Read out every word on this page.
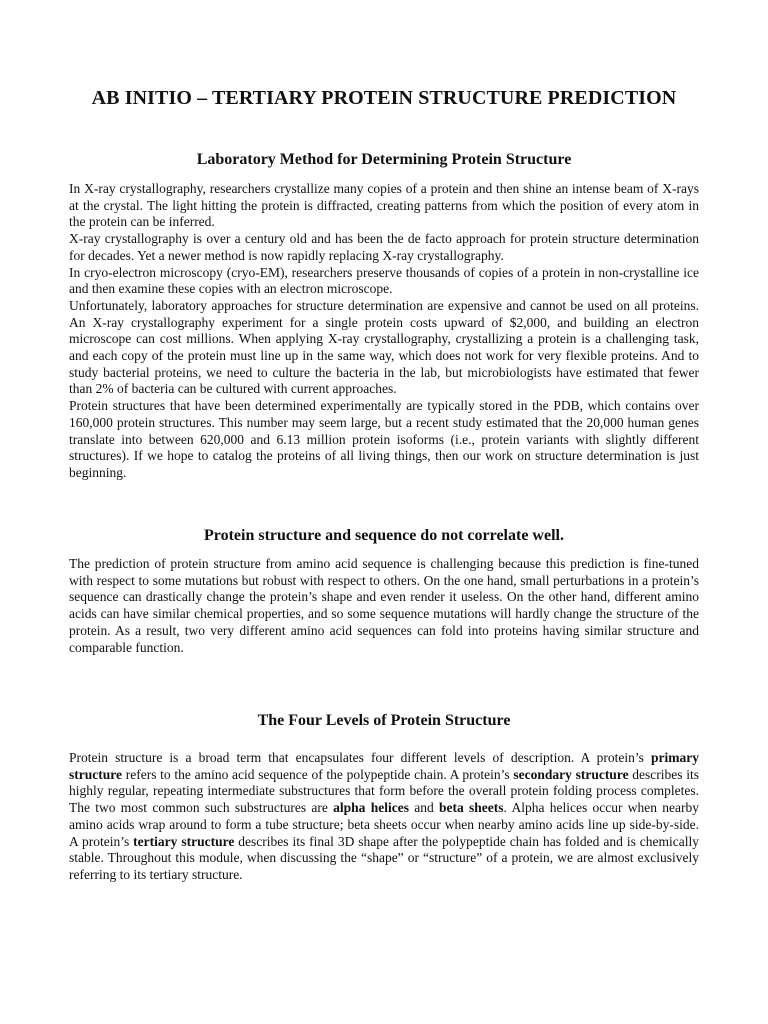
AB INITIO – TERTIARY PROTEIN STRUCTURE PREDICTION
Laboratory Method for Determining Protein Structure

In X-ray crystallography, researchers crystallize many copies of a protein and then shine an intense beam of X-rays at the crystal. The light hitting the protein is diffracted, creating patterns from which the position of every atom in the protein can be inferred.

X-ray crystallography is over a century old and has been the de facto approach for protein structure determination for decades. Yet a newer method is now rapidly replacing X-ray crystallography.

In cryo-electron microscopy (cryo-EM), researchers preserve thousands of copies of a protein in non-crystalline ice and then examine these copies with an electron microscope.

Unfortunately, laboratory approaches for structure determination are expensive and cannot be used on all proteins. An X-ray crystallography experiment for a single protein costs upward of $2,000, and building an electron microscope can cost millions. When applying X-ray crystallography, crystallizing a protein is a challenging task, and each copy of the protein must line up in the same way, which does not work for very flexible proteins. And to study bacterial proteins, we need to culture the bacteria in the lab, but microbiologists have estimated that fewer than 2% of bacteria can be cultured with current approaches.

Protein structures that have been determined experimentally are typically stored in the PDB, which contains over 160,000 protein structures. This number may seem large, but a recent study estimated that the 20,000 human genes translate into between 620,000 and 6.13 million protein isoforms (i.e., protein variants with slightly different structures). If we hope to catalog the proteins of all living things, then our work on structure determination is just beginning.

Protein structure and sequence do not correlate well.

The prediction of protein structure from amino acid sequence is challenging because this prediction is fine-tuned with respect to some mutations but robust with respect to others. On the one hand, small perturbations in a protein’s sequence can drastically change the protein’s shape and even render it useless. On the other hand, different amino acids can have similar chemical properties, and so some sequence mutations will hardly change the structure of the protein. As a result, two very different amino acid sequences can fold into proteins having similar structure and comparable function.

The Four Levels of Protein Structure

Protein structure is a broad term that encapsulates four different levels of description. A protein’s primary structure refers to the amino acid sequence of the polypeptide chain. A protein’s secondary structure describes its highly regular, repeating intermediate substructures that form before the overall protein folding process completes. The two most common such substructures are alpha helices and beta sheets. Alpha helices occur when nearby amino acids wrap around to form a tube structure; beta sheets occur when nearby amino acids line up side-by-side. A protein’s tertiary structure describes its final 3D shape after the polypeptide chain has folded and is chemically stable. Throughout this module, when discussing the “shape” or “structure” of a protein, we are almost exclusively referring to its tertiary structure.
